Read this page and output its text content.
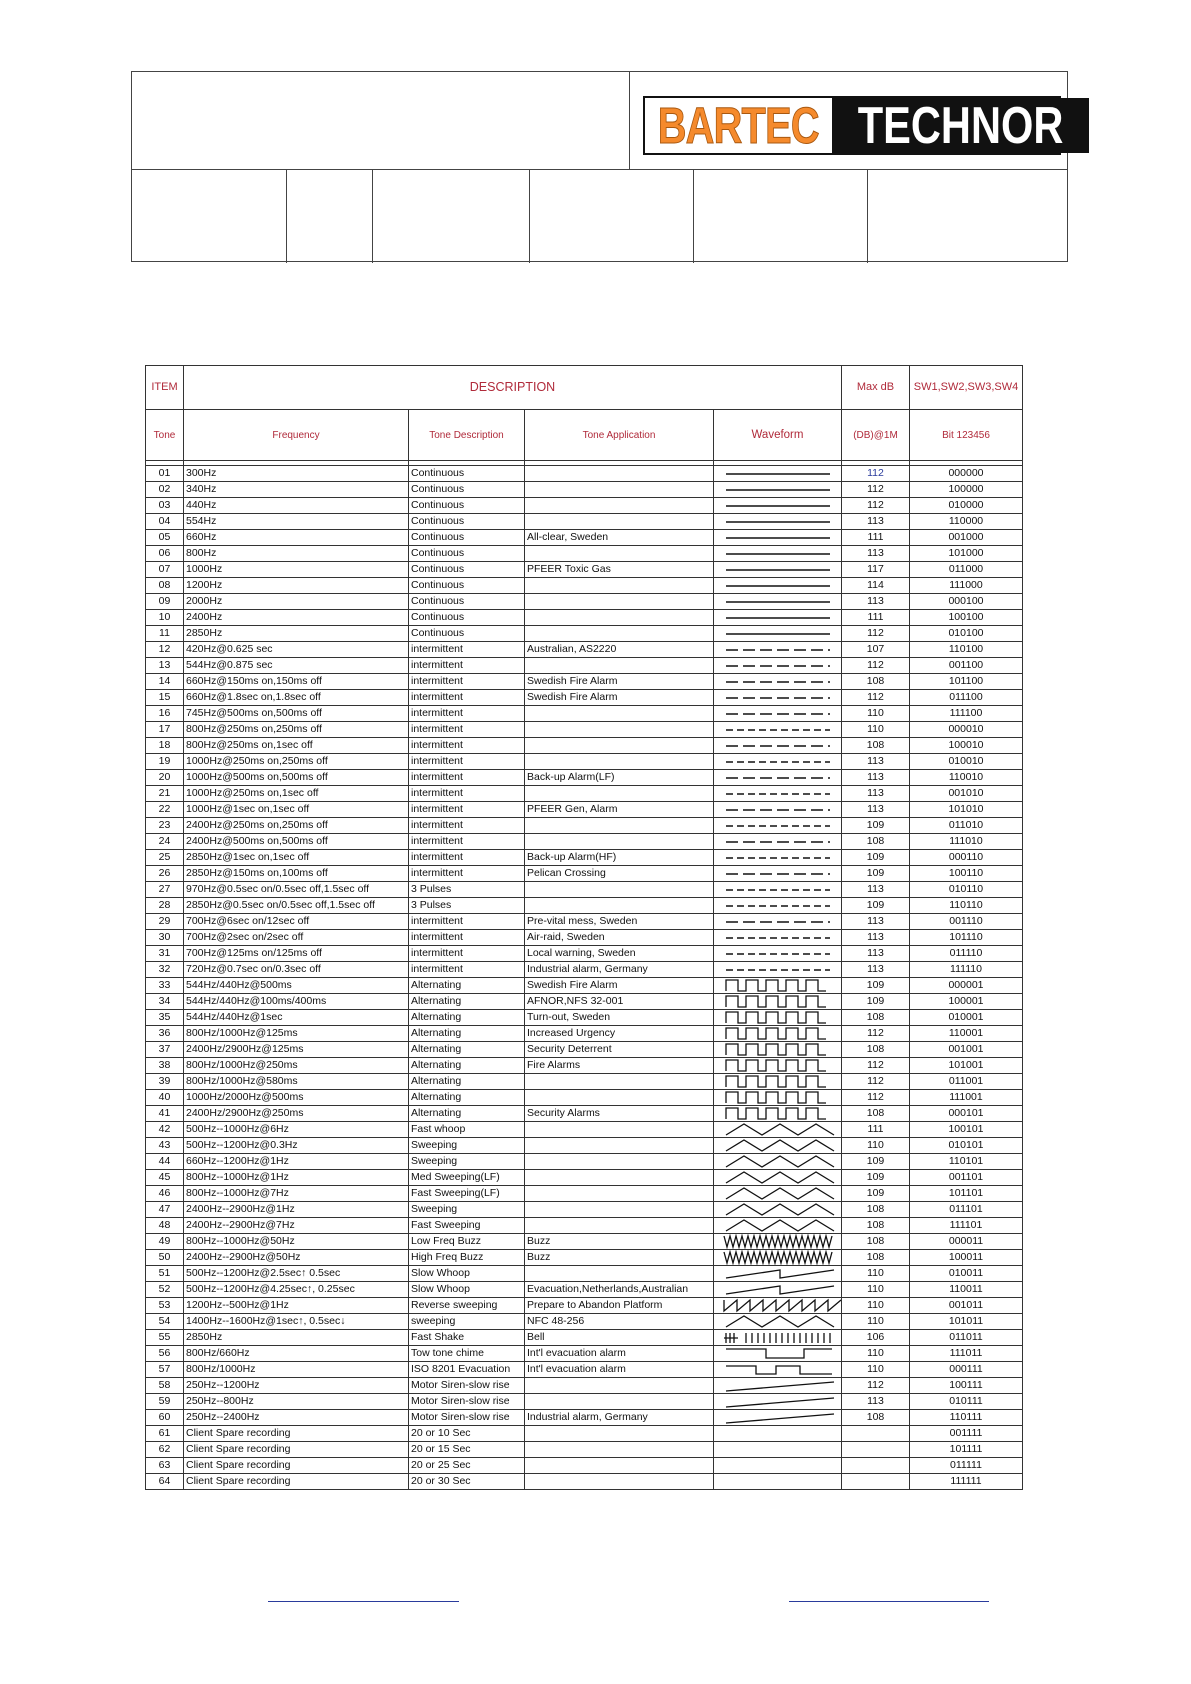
BARTEC TECHNOR
ITEM	DESCRIPTION				Max dB	SW1,SW2,SW3,SW4
Tone	Frequency	Tone Description	Tone Application	Waveform	(DB)@1M	Bit 123456

01	300Hz	Continuous			112	000000
02	340Hz	Continuous			112	100000
03	440Hz	Continuous			112	010000
04	554Hz	Continuous			113	110000
05	660Hz	Continuous	All-clear, Sweden		111	001000
06	800Hz	Continuous			113	101000
07	1000Hz	Continuous	PFEER Toxic Gas		117	011000
08	1200Hz	Continuous			114	111000
09	2000Hz	Continuous			113	000100
10	2400Hz	Continuous			111	100100
11	2850Hz	Continuous			112	010100
12	420Hz@0.625 sec	intermittent	Australian, AS2220		107	110100
13	544Hz@0.875 sec	intermittent			112	001100
14	660Hz@150ms on,150ms off	intermittent	Swedish Fire Alarm		108	101100
15	660Hz@1.8sec on,1.8sec off	intermittent	Swedish Fire Alarm		112	011100
16	745Hz@500ms on,500ms off	intermittent			110	111100
17	800Hz@250ms on,250ms off	intermittent			110	000010
18	800Hz@250ms on,1sec off	intermittent			108	100010
19	1000Hz@250ms on,250ms off	intermittent			113	010010
20	1000Hz@500ms on,500ms off	intermittent	Back-up Alarm(LF)		113	110010
21	1000Hz@250ms on,1sec off	intermittent			113	001010
22	1000Hz@1sec on,1sec off	intermittent	PFEER Gen, Alarm		113	101010
23	2400Hz@250ms on,250ms off	intermittent			109	011010
24	2400Hz@500ms on,500ms off	intermittent			108	111010
25	2850Hz@1sec on,1sec off	intermittent	Back-up Alarm(HF)		109	000110
26	2850Hz@150ms on,100ms off	intermittent	Pelican Crossing		109	100110
27	970Hz@0.5sec on/0.5sec off,1.5sec off	3 Pulses			113	010110
28	2850Hz@0.5sec on/0.5sec off,1.5sec off	3 Pulses			109	110110
29	700Hz@6sec on/12sec off	intermittent	Pre-vital mess, Sweden		113	001110
30	700Hz@2sec on/2sec off	intermittent	Air-raid, Sweden		113	101110
31	700Hz@125ms on/125ms off	intermittent	Local warning, Sweden		113	011110
32	720Hz@0.7sec on/0.3sec off	intermittent	Industrial alarm, Germany		113	111110
33	544Hz/440Hz@500ms	Alternating	Swedish Fire Alarm		109	000001
34	544Hz/440Hz@100ms/400ms	Alternating	AFNOR,NFS 32-001		109	100001
35	544Hz/440Hz@1sec	Alternating	Turn-out, Sweden		108	010001
36	800Hz/1000Hz@125ms	Alternating	Increased Urgency		112	110001
37	2400Hz/2900Hz@125ms	Alternating	Security Deterrent		108	001001
38	800Hz/1000Hz@250ms	Alternating	Fire Alarms		112	101001
39	800Hz/1000Hz@580ms	Alternating			112	011001
40	1000Hz/2000Hz@500ms	Alternating			112	111001
41	2400Hz/2900Hz@250ms	Alternating	Security Alarms		108	000101
42	500Hz--1000Hz@6Hz	Fast whoop			111	100101
43	500Hz--1200Hz@0.3Hz	Sweeping			110	010101
44	660Hz--1200Hz@1Hz	Sweeping			109	110101
45	800Hz--1000Hz@1Hz	Med Sweeping(LF)			109	001101
46	800Hz--1000Hz@7Hz	Fast Sweeping(LF)			109	101101
47	2400Hz--2900Hz@1Hz	Sweeping			108	011101
48	2400Hz--2900Hz@7Hz	Fast Sweeping			108	111101
49	800Hz--1000Hz@50Hz	Low Freq Buzz	Buzz		108	000011
50	2400Hz--2900Hz@50Hz	High Freq Buzz	Buzz		108	100011
51	500Hz--1200Hz@2.5sec↑ 0.5sec	Slow Whoop			110	010011
52	500Hz--1200Hz@4.25sec↑, 0.25sec	Slow Whoop	Evacuation,Netherlands,Australian		110	110011
53	1200Hz--500Hz@1Hz	Reverse sweeping	Prepare to Abandon Platform		110	001011
54	1400Hz--1600Hz@1sec↑, 0.5sec↓	sweeping	NFC 48-256		110	101011
55	2850Hz	Fast Shake	Bell		106	011011
56	800Hz/660Hz	Tow tone chime	Int'l evacuation alarm		110	111011
57	800Hz/1000Hz	ISO 8201 Evacuation	Int'l evacuation alarm		110	000111
58	250Hz--1200Hz	Motor Siren-slow rise			112	100111
59	250Hz--800Hz	Motor Siren-slow rise			113	010111
60	250Hz--2400Hz	Motor Siren-slow rise	Industrial alarm, Germany		108	110111
61	Client Spare recording	20 or 10 Sec				001111
62	Client Spare recording	20 or 15 Sec				101111
63	Client Spare recording	20 or 25 Sec				011111
64	Client Spare recording	20 or 30 Sec				111111
